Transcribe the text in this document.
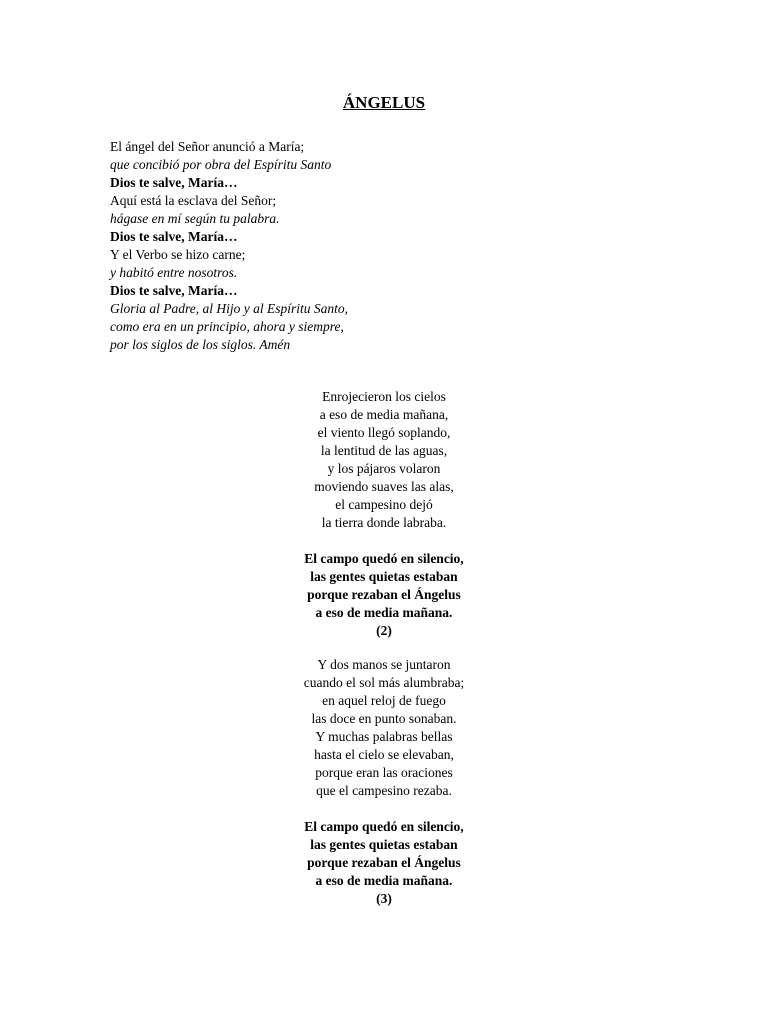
ÁNGELUS
El ángel del Señor anunció a María;
que concibió por obra del Espíritu Santo
Dios te salve, María…
Aquí está la esclava del Señor;
hágase en mí según tu palabra.
Dios te salve, María…
Y el Verbo se hizo carne;
y habitó entre nosotros.
Dios te salve, María…
Gloria al Padre, al Hijo y al Espíritu Santo,
como era en un principio, ahora y siempre,
por los siglos de los siglos. Amén
Enrojecieron los cielos
a eso de media mañana,
el viento llegó soplando,
la lentitud de las aguas,
y los pájaros volaron
moviendo suaves las alas,
el campesino dejó
la tierra donde labraba.
El campo quedó en silencio,
las gentes quietas estaban
porque rezaban el Ángelus
a eso de media mañana.
(2)
Y dos manos se juntaron
cuando el sol más alumbraba;
en aquel reloj de fuego
las doce en punto sonaban.
Y muchas palabras bellas
hasta el cielo se elevaban,
porque eran las oraciones
que el campesino rezaba.
El campo quedó en silencio,
las gentes quietas estaban
porque rezaban el Ángelus
a eso de media mañana.
(3)
